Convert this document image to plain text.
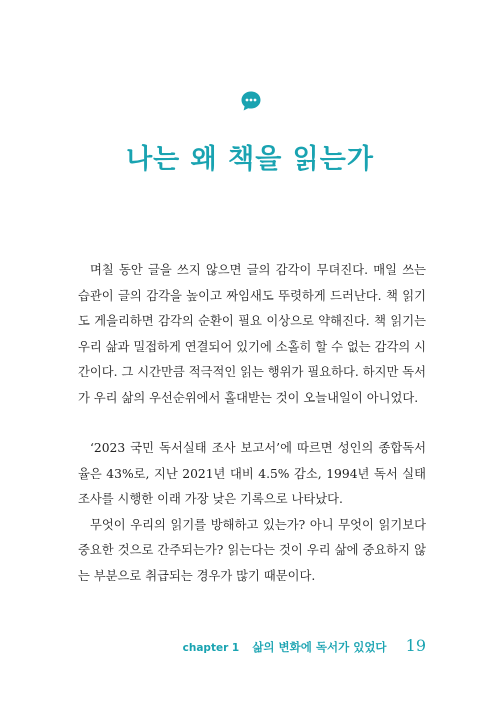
나는 왜 책을 읽는가

며칠 동안 글을 쓰지 않으면 글의 감각이 무뎌진다. 매일 쓰는 습관이 글의 감각을 높이고 짜임새도 뚜렷하게 드러난다. 책 읽기도 게을리하면 감각의 순환이 필요 이상으로 약해진다. 책 읽기는 우리 삶과 밀접하게 연결되어 있기에 소홀히 할 수 없는 감각의 시간이다. 그 시간만큼 적극적인 읽는 행위가 필요하다. 하지만 독서가 우리 삶의 우선순위에서 홀대받는 것이 오늘내일이 아니었다.

‘2023 국민 독서실태 조사 보고서’에 따르면 성인의 종합독서율은 43%로, 지난 2021년 대비 4.5% 감소, 1994년 독서 실태조사를 시행한 이래 가장 낮은 기록으로 나타났다.

무엇이 우리의 읽기를 방해하고 있는가? 아니 무엇이 읽기보다 중요한 것으로 간주되는가? 읽는다는 것이 우리 삶에 중요하지 않는 부분으로 취급되는 경우가 많기 때문이다.

chapter 1 삶의 변화에 독서가 있었다 19
